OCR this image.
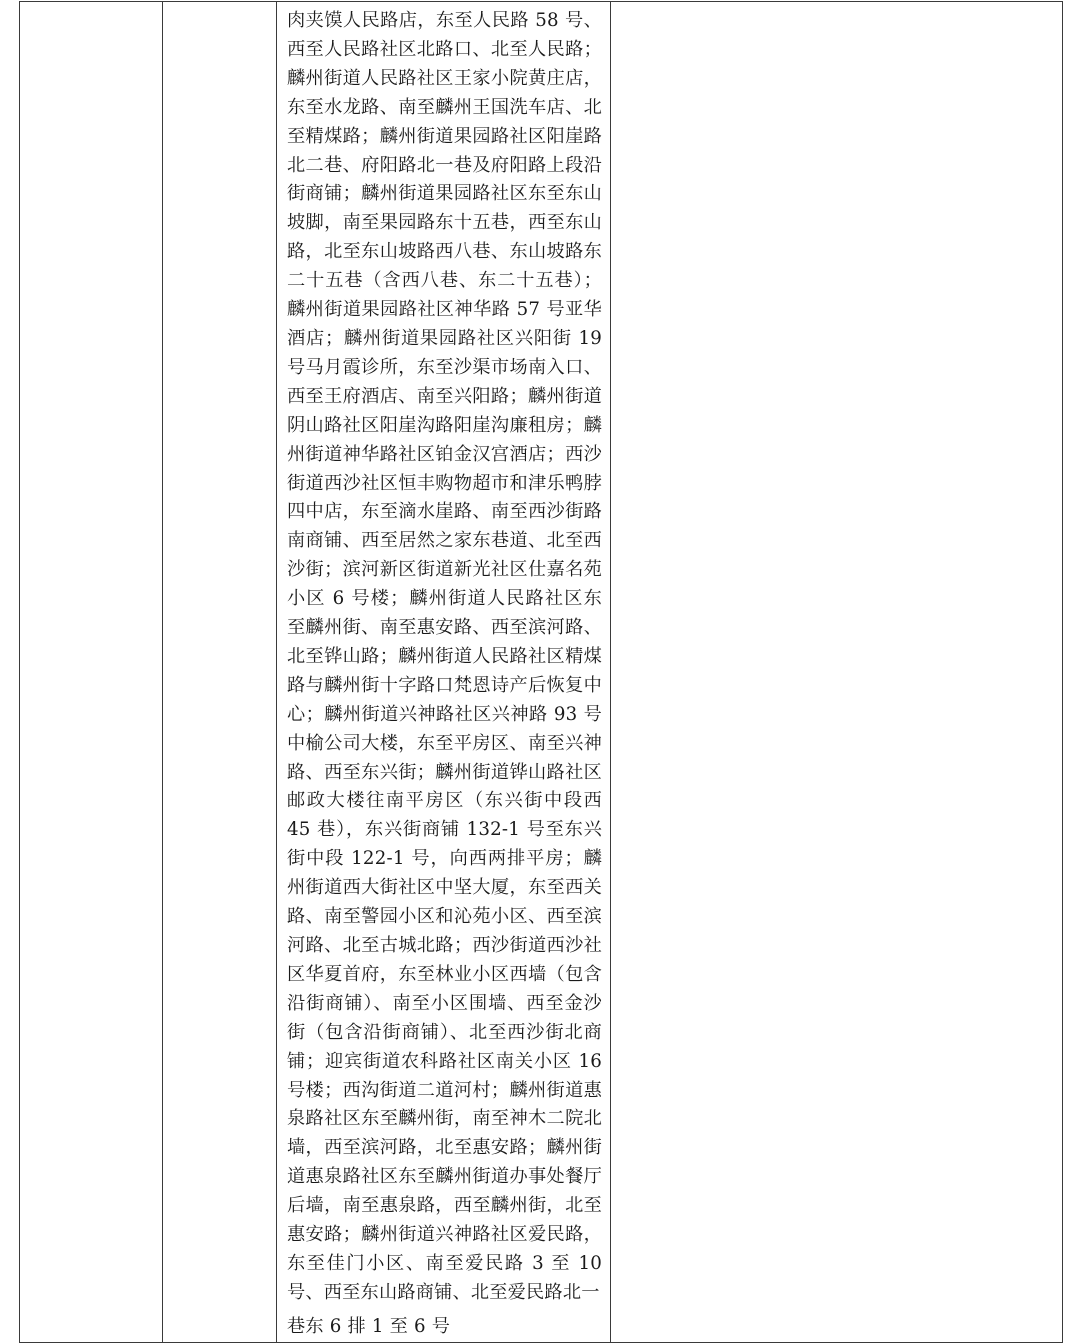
肉夹馍人民路店，东至人民路 58 号、西至人民路社区北路口、北至人民路；麟州街道人民路社区王家小院黄庄店，东至水龙路、南至麟州王国洗车店、北至精煤路；麟州街道果园路社区阳崖路北二巷、府阳路北一巷及府阳路上段沿街商铺；麟州街道果园路社区东至东山坡脚，南至果园路东十五巷，西至东山路，北至东山坡路西八巷、东山坡路东二十五巷（含西八巷、东二十五巷）；麟州街道果园路社区神华路 57 号亚华酒店；麟州街道果园路社区兴阳街 19 号马月霞诊所，东至沙渠市场南入口、西至王府酒店、南至兴阳路；麟州街道阴山路社区阳崖沟路阳崖沟廉租房；麟州街道神华路社区铂金汉宫酒店；西沙街道西沙社区恒丰购物超市和津乐鸭脖四中店，东至滴水崖路、南至西沙街路南商铺、西至居然之家东巷道、北至西沙街；滨河新区街道新光社区仕嘉名苑小区 6 号楼；麟州街道人民路社区东至麟州街、南至惠安路、西至滨河路、北至铧山路；麟州街道人民路社区精煤路与麟州街十字路口梵恩诗产后恢复中心；麟州街道兴神路社区兴神路 93 号中榆公司大楼，东至平房区、南至兴神路、西至东兴街；麟州街道铧山路社区邮政大楼往南平房区（东兴街中段西 45 巷），东兴街商铺 132-1 号至东兴街中段 122-1 号，向西两排平房；麟州街道西大街社区中坚大厦，东至西关路、南至警园小区和沁苑小区、西至滨河路、北至古城北路；西沙街道西沙社区华夏首府，东至林业小区西墙（包含沿街商铺）、南至小区围墙、西至金沙街（包含沿街商铺）、北至西沙街北商铺；迎宾街道农科路社区南关小区 16 号楼；西沟街道二道河村；麟州街道惠泉路社区东至麟州街，南至神木二院北墙，西至滨河路，北至惠安路；麟州街道惠泉路社区东至麟州街道办事处餐厅后墙，南至惠泉路，西至麟州街，北至惠安路；麟州街道兴神路社区爱民路，东至佳门小区、南至爱民路 3 至 10 号、西至东山路商铺、北至爱民路北一
巷东 6 排 1 至 6 号
